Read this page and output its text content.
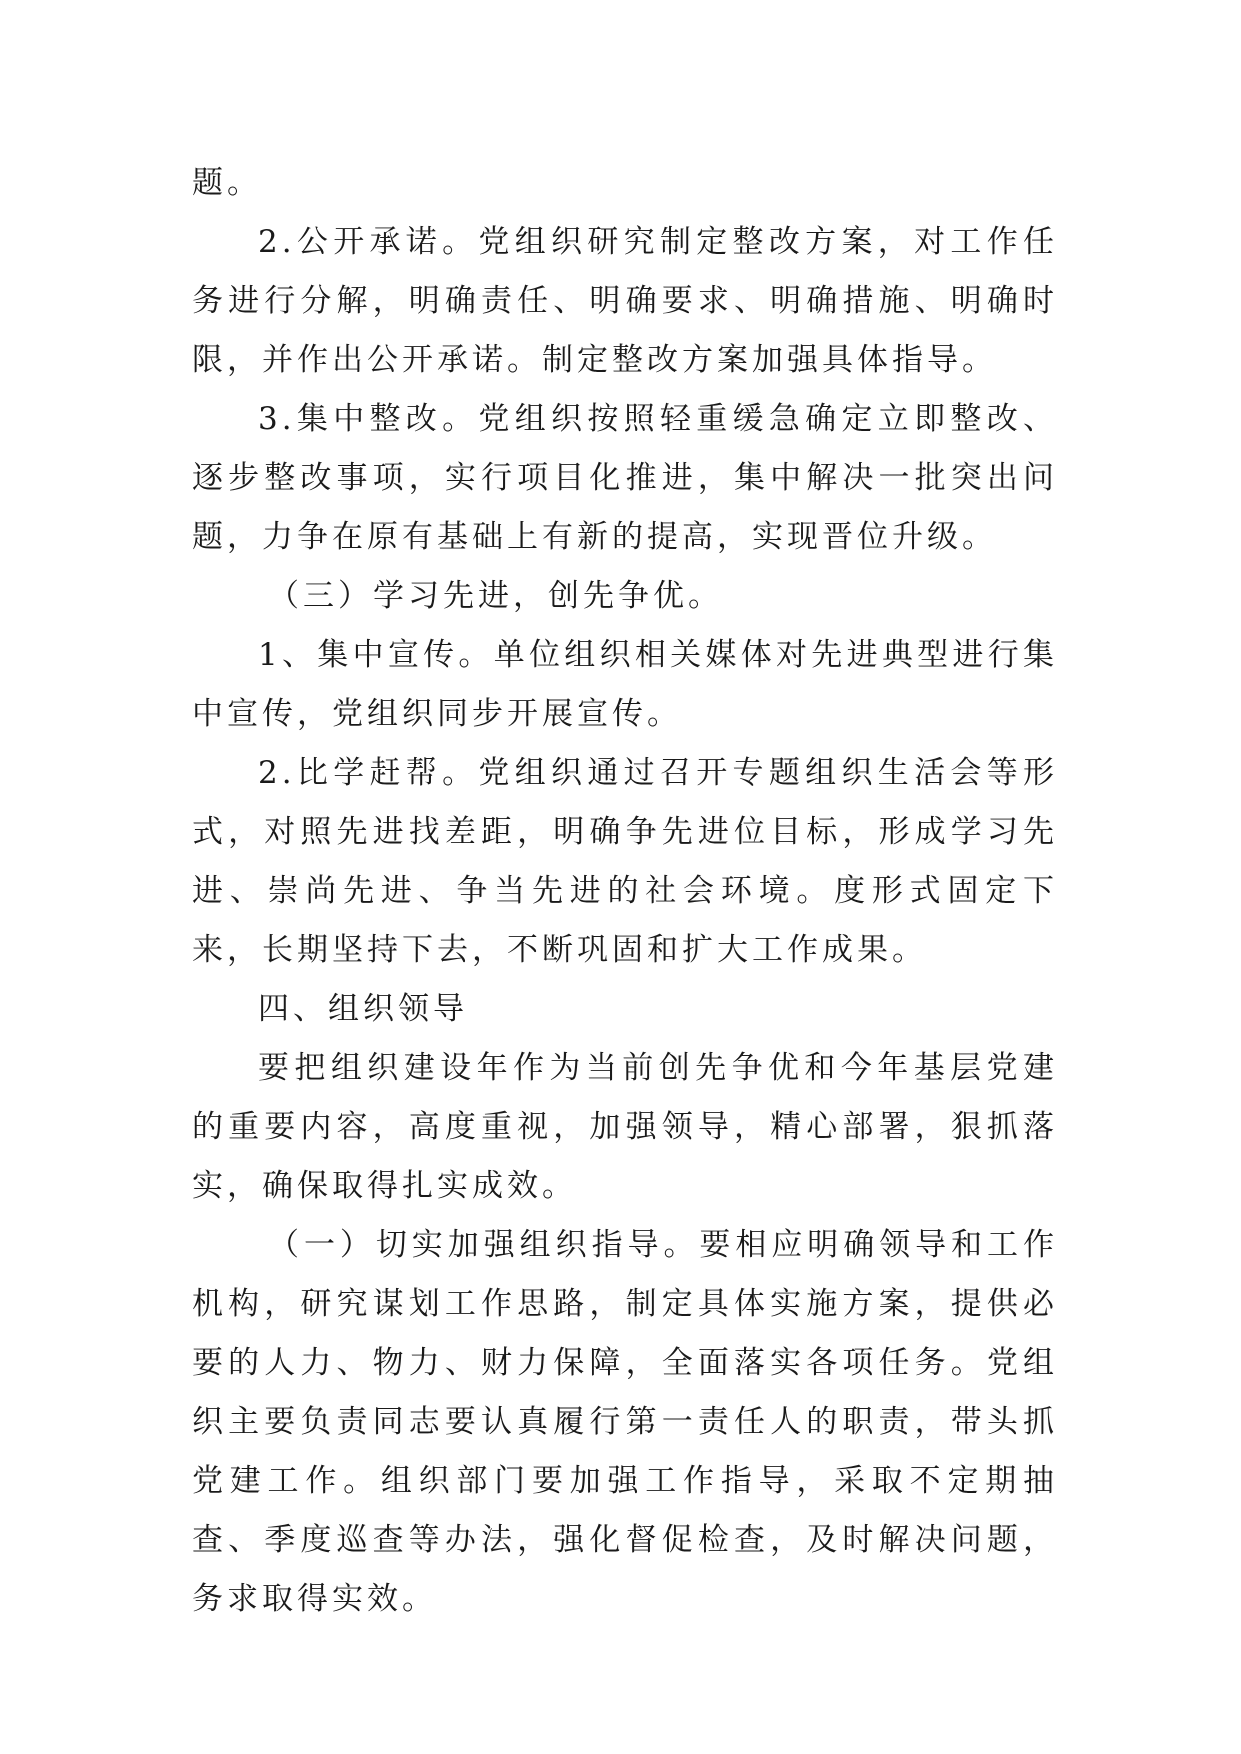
题。

2.公开承诺。党组织研究制定整改方案，对工作任务进行分解，明确责任、明确要求、明确措施、明确时限，并作出公开承诺。制定整改方案加强具体指导。

3.集中整改。党组织按照轻重缓急确定立即整改、逐步整改事项，实行项目化推进，集中解决一批突出问题，力争在原有基础上有新的提高，实现晋位升级。

（三）学习先进，创先争优。

1、集中宣传。单位组织相关媒体对先进典型进行集中宣传，党组织同步开展宣传。

2.比学赶帮。党组织通过召开专题组织生活会等形式，对照先进找差距，明确争先进位目标，形成学习先进、崇尚先进、争当先进的社会环境。度形式固定下来，长期坚持下去，不断巩固和扩大工作成果。

四、组织领导

要把组织建设年作为当前创先争优和今年基层党建的重要内容，高度重视，加强领导，精心部署，狠抓落实，确保取得扎实成效。

（一）切实加强组织指导。要相应明确领导和工作机构，研究谋划工作思路，制定具体实施方案，提供必要的人力、物力、财力保障，全面落实各项任务。党组织主要负责同志要认真履行第一责任人的职责，带头抓党建工作。组织部门要加强工作指导，采取不定期抽查、季度巡查等办法，强化督促检查，及时解决问题，务求取得实效。
